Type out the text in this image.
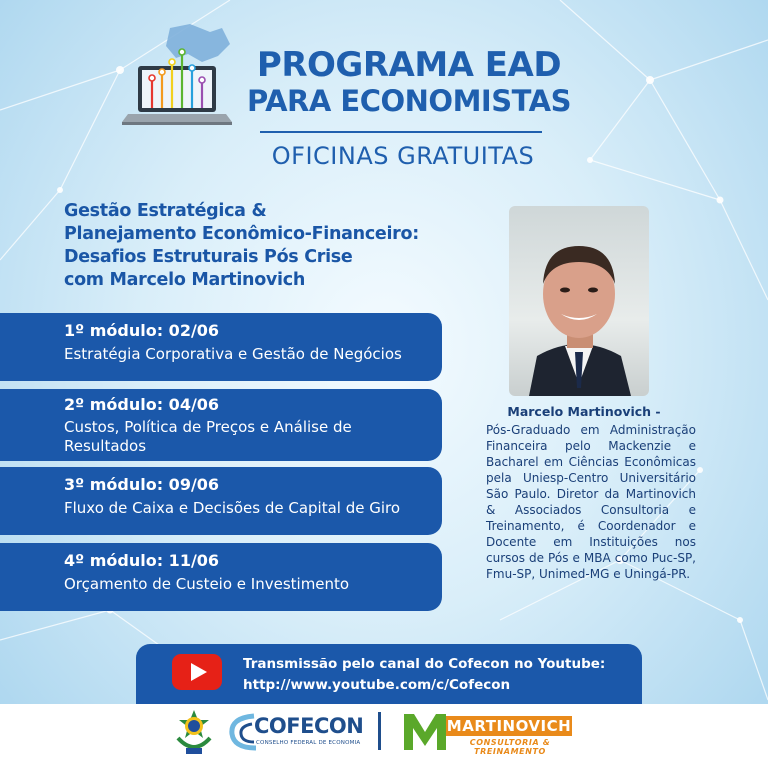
PROGRAMA EAD
PARA ECONOMISTAS
OFICINAS GRATUITAS
Gestão Estratégica &
Planejamento Econômico-Financeiro:
Desafios Estruturais Pós Crise
com Marcelo Martinovich
1º módulo: 02/06
Estratégia Corporativa e Gestão de Negócios
2º módulo: 04/06
Custos, Política de Preços e Análise de
Resultados
3º módulo: 09/06
Fluxo de Caixa e Decisões de Capital de Giro
4º módulo: 11/06
Orçamento de Custeio e Investimento
Marcelo Martinovich -
Pós-Graduado em Administração Financeira pelo Mackenzie e Bacharel em Ciências Econômicas pela Uniesp-Centro Universitário São Paulo. Diretor da Martinovich & Associados Consultoria e Treinamento, é Coordenador e Docente em Instituições nos cursos de Pós e MBA como Puc-SP, Fmu-SP, Unimed-MG e Uningá-PR.
Transmissão pelo canal do Cofecon no Youtube:
http://www.youtube.com/c/Cofecon
COFECON
CONSELHO FEDERAL DE ECONOMIA
MARTINOVICH
CONSULTORIA & TREINAMENTO
